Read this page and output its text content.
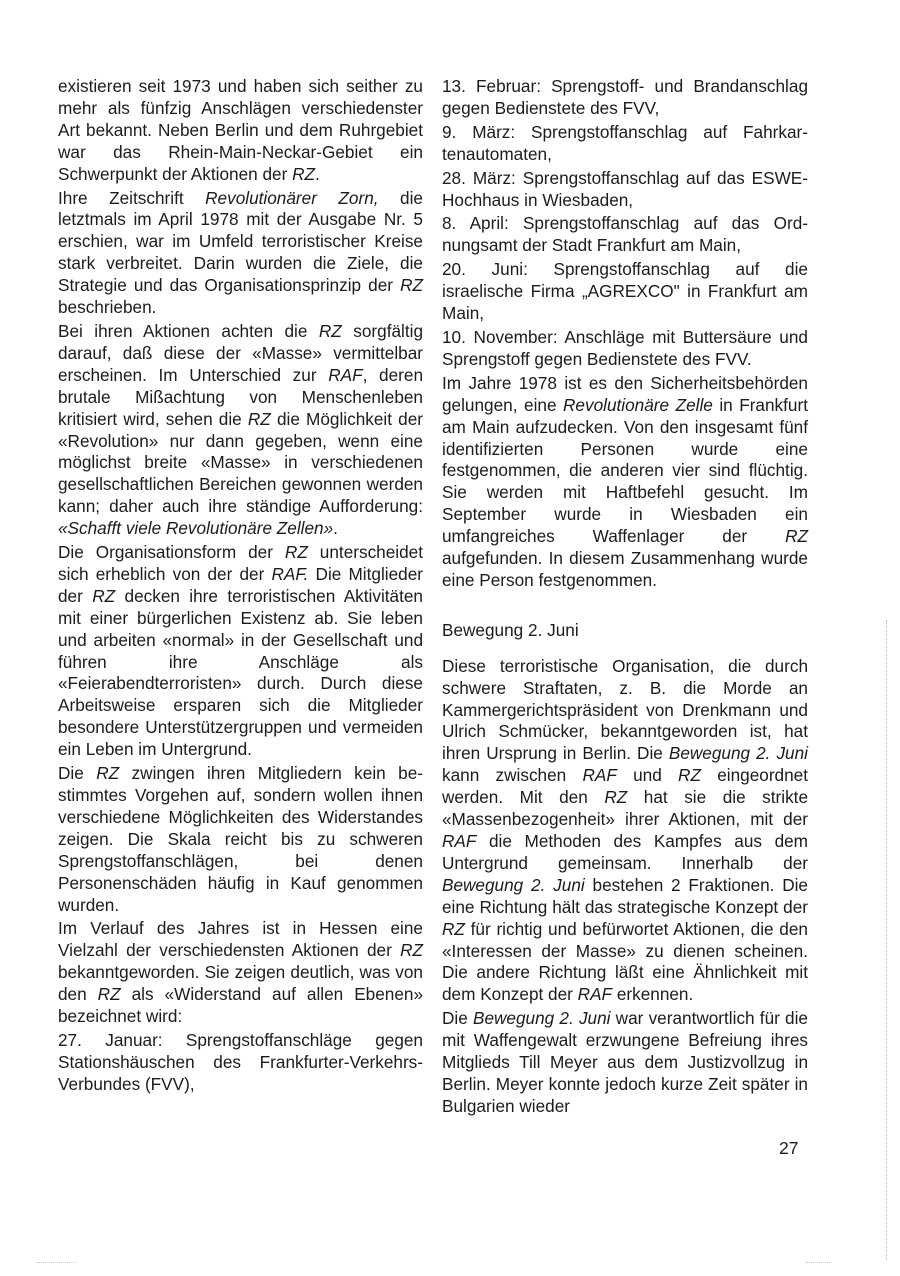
existieren seit 1973 und haben sich seither zu mehr als fünfzig Anschlägen verschiedenster Art bekannt. Neben Berlin und dem Ruhrgebiet war das Rhein-Main-Neckar-Gebiet ein Schwerpunkt der Aktionen der RZ.

Ihre Zeitschrift Revolutionärer Zorn, die letztmals im April 1978 mit der Ausgabe Nr. 5 erschien, war im Umfeld terroristischer Kreise stark verbreitet. Darin wurden die Ziele, die Strategie und das Organisationsprinzip der RZ beschrieben.

Bei ihren Aktionen achten die RZ sorgfältig darauf, daß diese der «Masse» vermittelbar erscheinen. Im Unterschied zur RAF, deren brutale Mißachtung von Menschenleben kritisiert wird, sehen die RZ die Möglichkeit der «Revolution» nur dann gegeben, wenn eine möglichst breite «Masse» in verschiedenen gesellschaftlichen Bereichen gewonnen werden kann; daher auch ihre ständige Aufforderung: «Schafft viele Revolutionäre Zellen».

Die Organisationsform der RZ unterscheidet sich erheblich von der der RAF. Die Mitglieder der RZ decken ihre terroristischen Aktivitäten mit einer bürgerlichen Existenz ab. Sie leben und arbeiten «normal» in der Gesellschaft und führen ihre Anschläge als «Feierabendterroristen» durch. Durch diese Arbeitsweise ersparen sich die Mitglieder besondere Unterstützergruppen und vermeiden ein Leben im Untergrund.

Die RZ zwingen ihren Mitgliedern kein bestimmtes Vorgehen auf, sondern wollen ihnen verschiedene Möglichkeiten des Widerstandes zeigen. Die Skala reicht bis zu schweren Sprengstoffanschlägen, bei denen Personenschäden häufig in Kauf genommen wurden.

Im Verlauf des Jahres ist in Hessen eine Vielzahl der verschiedensten Aktionen der RZ bekanntgeworden. Sie zeigen deutlich, was von den RZ als «Widerstand auf allen Ebenen» bezeichnet wird:

27. Januar: Sprengstoffanschläge gegen Stationshäuschen des Frankfurter-Verkehrs-Verbundes (FVV),

13. Februar: Sprengstoff- und Brandanschlag gegen Bedienstete des FVV,

9. März: Sprengstoffanschlag auf Fahrkartenautomaten,

28. März: Sprengstoffanschlag auf das ESWE-Hochhaus in Wiesbaden,

8. April: Sprengstoffanschlag auf das Ordnungsamt der Stadt Frankfurt am Main,

20. Juni: Sprengstoffanschlag auf die israelische Firma „AGREXCO" in Frankfurt am Main,

10. November: Anschläge mit Buttersäure und Sprengstoff gegen Bedienstete des FVV.

Im Jahre 1978 ist es den Sicherheitsbehörden gelungen, eine Revolutionäre Zelle in Frankfurt am Main aufzudecken. Von den insgesamt fünf identifizierten Personen wurde eine festgenommen, die anderen vier sind flüchtig. Sie werden mit Haftbefehl gesucht. Im September wurde in Wiesbaden ein umfangreiches Waffenlager der RZ aufgefunden. In diesem Zusammenhang wurde eine Person festgenommen.

Bewegung 2. Juni

Diese terroristische Organisation, die durch schwere Straftaten, z. B. die Morde an Kammergerichtspräsident von Drenkmann und Ulrich Schmücker, bekanntgeworden ist, hat ihren Ursprung in Berlin. Die Bewegung 2. Juni kann zwischen RAF und RZ eingeordnet werden. Mit den RZ hat sie die strikte «Massenbezogenheit» ihrer Aktionen, mit der RAF die Methoden des Kampfes aus dem Untergrund gemeinsam. Innerhalb der Bewegung 2. Juni bestehen 2 Fraktionen. Die eine Richtung hält das strategische Konzept der RZ für richtig und befürwortet Aktionen, die den «Interessen der Masse» zu dienen scheinen. Die andere Richtung läßt eine Ähnlichkeit mit dem Konzept der RAF erkennen.

Die Bewegung 2. Juni war verantwortlich für die mit Waffengewalt erzwungene Befreiung ihres Mitglieds Till Meyer aus dem Justizvollzug in Berlin. Meyer konnte jedoch kurze Zeit später in Bulgarien wieder

27
